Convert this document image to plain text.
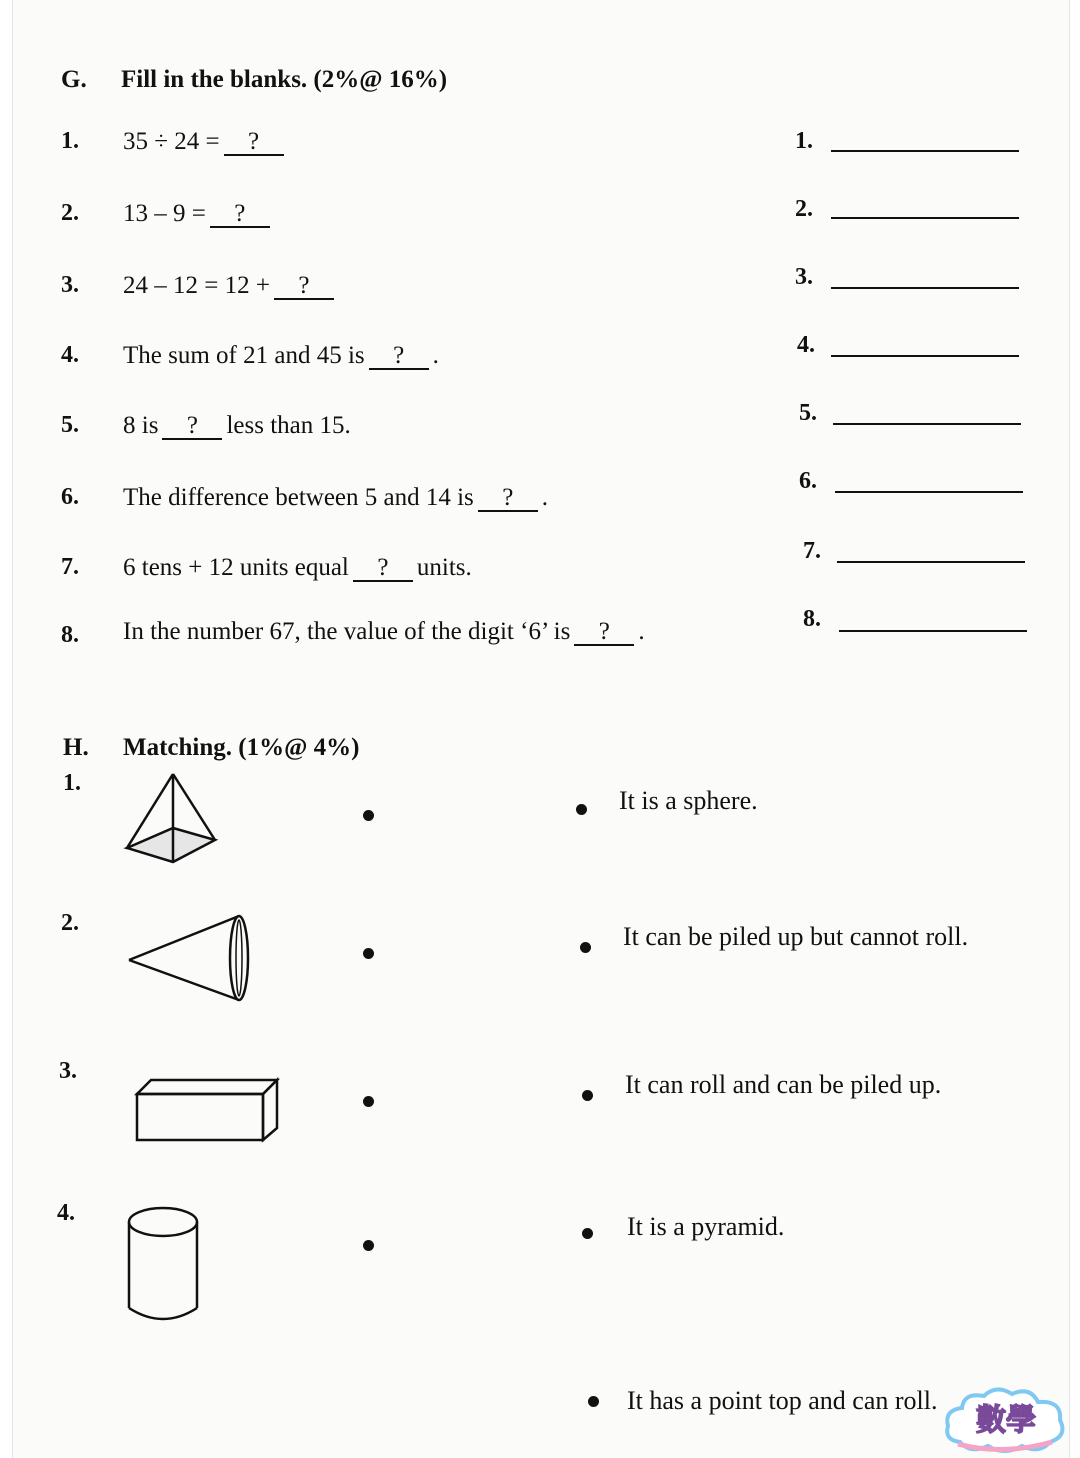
G. Fill in the blanks. (2%@ 16%)
1. 35 ÷ 24 = ?
2. 13 – 9 = ?
3. 24 – 12 = 12 + ?
4. The sum of 21 and 45 is ? .
5. 8 is ? less than 15.
6. The difference between 5 and 14 is ? .
7. 6 tens + 12 units equal ? units.
8. In the number 67, the value of the digit ‘6’ is ? .
1.
2.
3.
4.
5.
6.
7.
8.
H. Matching. (1%@ 4%)
1.
2.
3.
4.
It is a sphere.
It can be piled up but cannot roll.
It can roll and can be piled up.
It is a pyramid.
It has a point top and can roll.
數學
